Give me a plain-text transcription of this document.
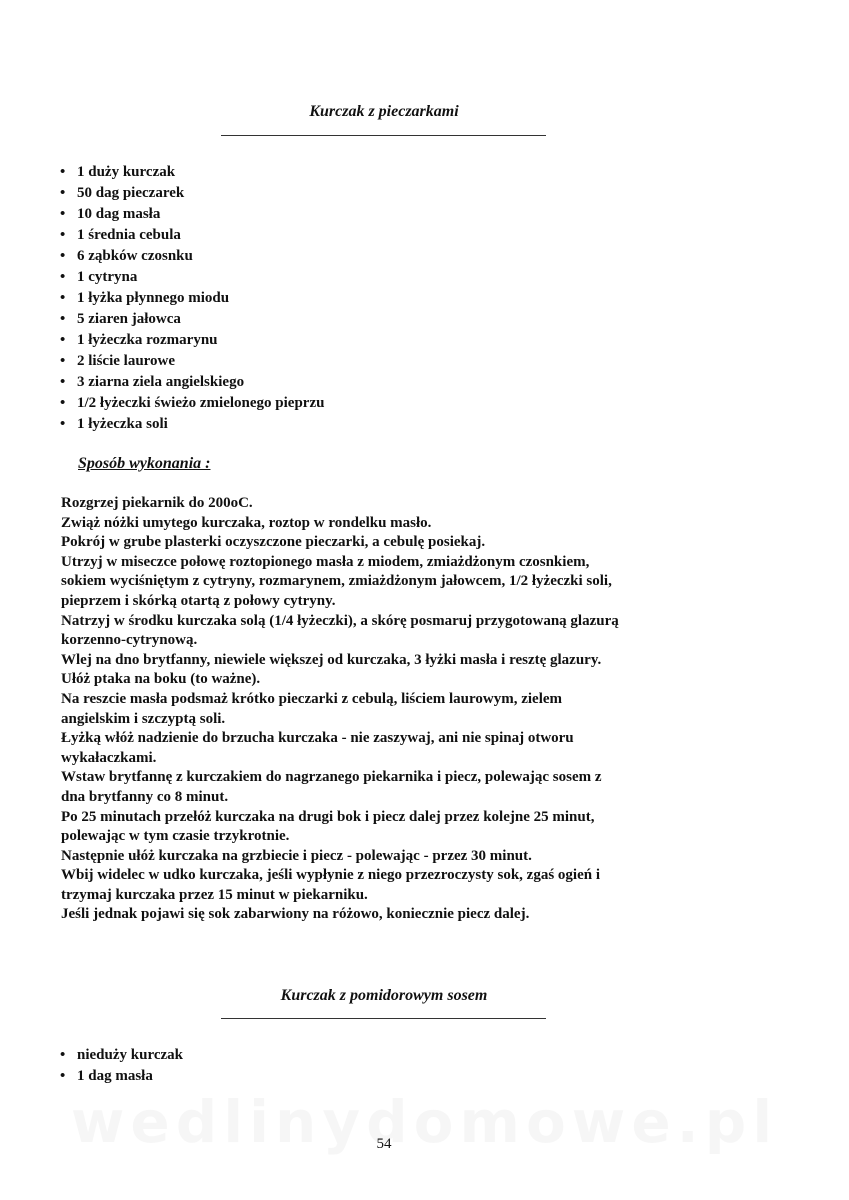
Kurczak z pieczarkami
• 1 duży kurczak
• 50 dag pieczarek
• 10 dag masła
• 1 średnia cebula
• 6 ząbków czosnku
• 1 cytryna
• 1 łyżka płynnego miodu
• 5 ziaren jałowca
• 1 łyżeczka rozmarynu
• 2 liście laurowe
• 3 ziarna ziela angielskiego
• 1/2 łyżeczki świeżo zmielonego pieprzu
• 1 łyżeczka soli
Sposób wykonania :

Rozgrzej piekarnik do 200oC.

Zwiąż nóżki umytego kurczaka, roztop w rondelku masło.

Pokrój w grube plasterki oczyszczone pieczarki, a cebulę posiekaj.

Utrzyj w miseczce połowę roztopionego masła z miodem, zmiażdżonym czosnkiem,

sokiem wyciśniętym z cytryny, rozmarynem, zmiażdżonym jałowcem, 1/2 łyżeczki soli,

pieprzem i skórką otartą z połowy cytryny.

Natrzyj w środku kurczaka solą (1/4 łyżeczki), a skórę posmaruj przygotowaną glazurą

korzenno-cytrynową.

Wlej na dno brytfanny, niewiele większej od kurczaka, 3 łyżki masła i resztę glazury.

Ułóż ptaka na boku (to ważne).

Na reszcie masła podsmaż krótko pieczarki z cebulą, liściem laurowym, zielem

angielskim i szczyptą soli.

Łyżką włóż nadzienie do brzucha kurczaka - nie zaszywaj, ani nie spinaj otworu

wykałaczkami.

Wstaw brytfannę z kurczakiem do nagrzanego piekarnika i piecz, polewając sosem z

dna brytfanny co 8 minut.

Po 25 minutach przełóż kurczaka na drugi bok i piecz dalej przez kolejne 25 minut,

polewając w tym czasie trzykrotnie.

Następnie ułóż kurczaka na grzbiecie i piecz - polewając - przez 30 minut.

Wbij widelec w udko kurczaka, jeśli wypłynie z niego przezroczysty sok, zgaś ogień i

trzymaj kurczaka przez 15 minut w piekarniku.

Jeśli jednak pojawi się sok zabarwiony na różowo, koniecznie piecz dalej.

Kurczak z pomidorowym sosem
• nieduży kurczak
• 1 dag masła
54
